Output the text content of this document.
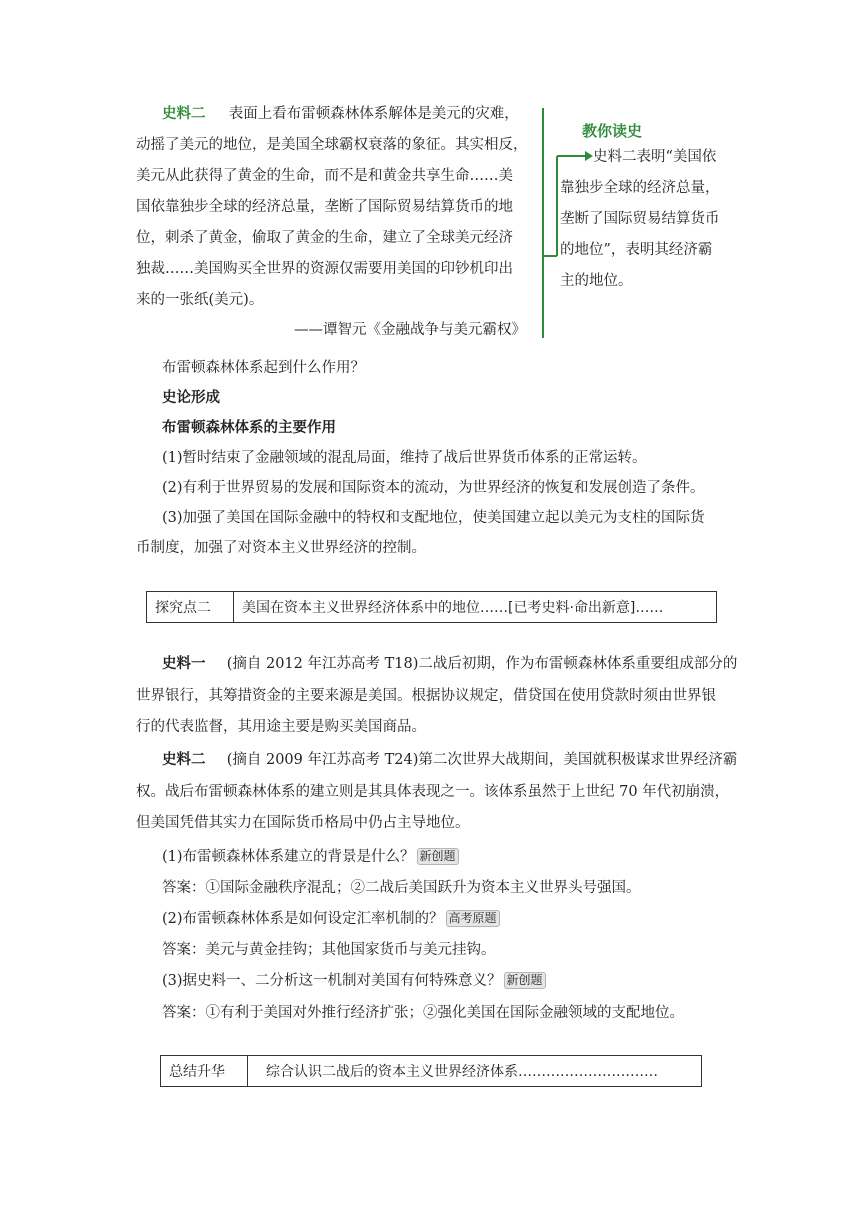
史料二 表面上看布雷顿森林体系解体是美元的灾难，
动摇了美元的地位，是美国全球霸权衰落的象征。其实相反，
美元从此获得了黄金的生命，而不是和黄金共享生命……美
国依靠独步全球的经济总量，垄断了国际贸易结算货币的地
位，刺杀了黄金，偷取了黄金的生命，建立了全球美元经济
独裁……美国购买全世界的资源仅需要用美国的印钞机印出
来的一张纸(美元)。
——谭智元《金融战争与美元霸权》
教你读史
史料二表明“美国依
靠独步全球的经济总量，
垄断了国际贸易结算货币
的地位”，表明其经济霸
主的地位。
布雷顿森林体系起到什么作用？
史论形成
布雷顿森林体系的主要作用
(1)暂时结束了金融领域的混乱局面，维持了战后世界货币体系的正常运转。
(2)有利于世界贸易的发展和国际资本的流动，为世界经济的恢复和发展创造了条件。
(3)加强了美国在国际金融中的特权和支配地位，使美国建立起以美元为支柱的国际货
币制度，加强了对资本主义世界经济的控制。
探究点二	美国在资本主义世界经济体系中的地位……[已考史料·命出新意]……
史料一 (摘自 2012 年江苏高考 T18)二战后初期，作为布雷顿森林体系重要组成部分的
世界银行，其筹措资金的主要来源是美国。根据协议规定，借贷国在使用贷款时须由世界银
行的代表监督，其用途主要是购买美国商品。
史料二 (摘自 2009 年江苏高考 T24)第二次世界大战期间，美国就积极谋求世界经济霸
权。战后布雷顿森林体系的建立则是其具体表现之一。该体系虽然于上世纪 70 年代初崩溃，
但美国凭借其实力在国际货币格局中仍占主导地位。
(1)布雷顿森林体系建立的背景是什么？ 新创题
答案：①国际金融秩序混乱；②二战后美国跃升为资本主义世界头号强国。
(2)布雷顿森林体系是如何设定汇率机制的？ 高考原题
答案：美元与黄金挂钩；其他国家货币与美元挂钩。
(3)据史料一、二分析这一机制对美国有何特殊意义？ 新创题
答案：①有利于美国对外推行经济扩张；②强化美国在国际金融领域的支配地位。
总结升华	综合认识二战后的资本主义世界经济体系…………………………
